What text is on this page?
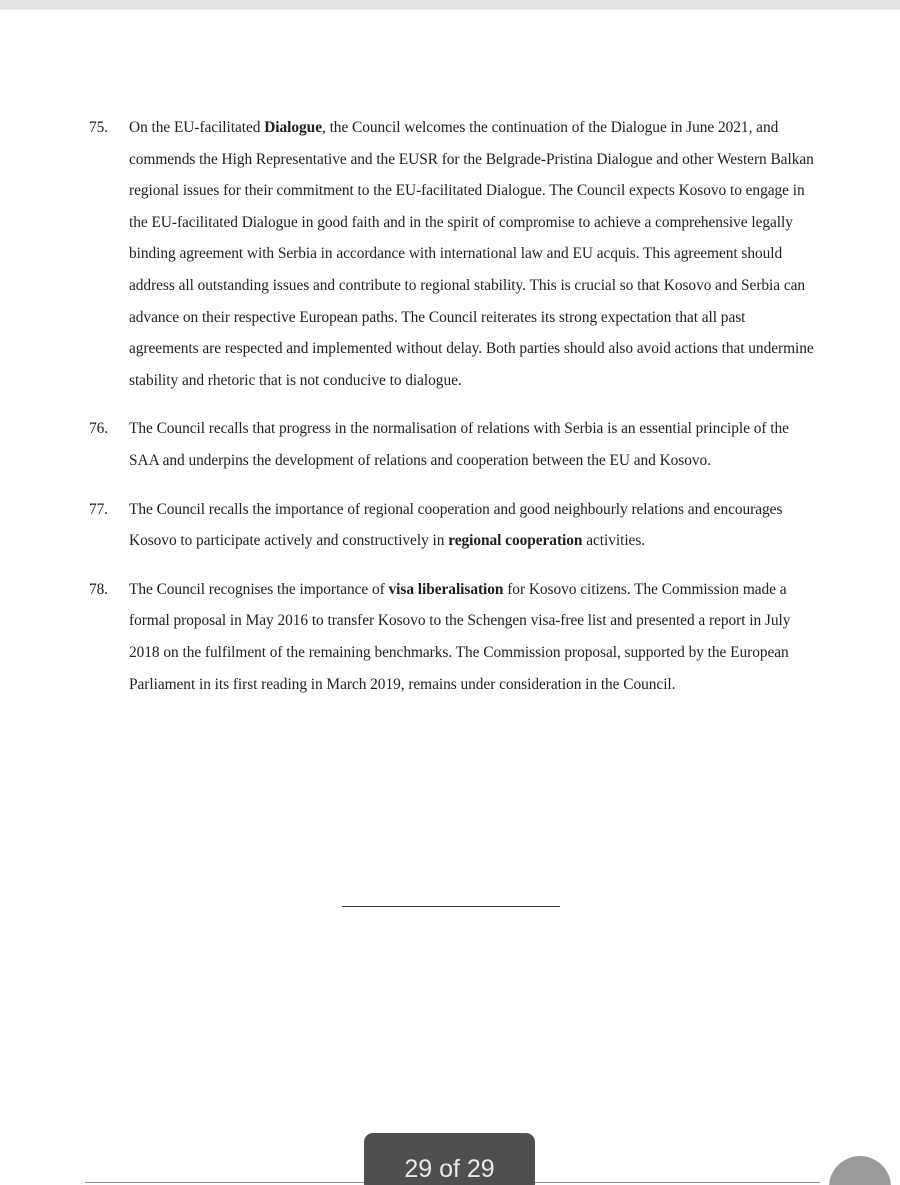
75. On the EU-facilitated Dialogue, the Council welcomes the continuation of the Dialogue in June 2021, and commends the High Representative and the EUSR for the Belgrade-Pristina Dialogue and other Western Balkan regional issues for their commitment to the EU-facilitated Dialogue. The Council expects Kosovo to engage in the EU-facilitated Dialogue in good faith and in the spirit of compromise to achieve a comprehensive legally binding agreement with Serbia in accordance with international law and EU acquis. This agreement should address all outstanding issues and contribute to regional stability. This is crucial so that Kosovo and Serbia can advance on their respective European paths. The Council reiterates its strong expectation that all past agreements are respected and implemented without delay. Both parties should also avoid actions that undermine stability and rhetoric that is not conducive to dialogue.
76. The Council recalls that progress in the normalisation of relations with Serbia is an essential principle of the SAA and underpins the development of relations and cooperation between the EU and Kosovo.
77. The Council recalls the importance of regional cooperation and good neighbourly relations and encourages Kosovo to participate actively and constructively in regional cooperation activities.
78. The Council recognises the importance of visa liberalisation for Kosovo citizens. The Commission made a formal proposal in May 2016 to transfer Kosovo to the Schengen visa-free list and presented a report in July 2018 on the fulfilment of the remaining benchmarks. The Commission proposal, supported by the European Parliament in its first reading in March 2019, remains under consideration in the Council.
29 of 29
